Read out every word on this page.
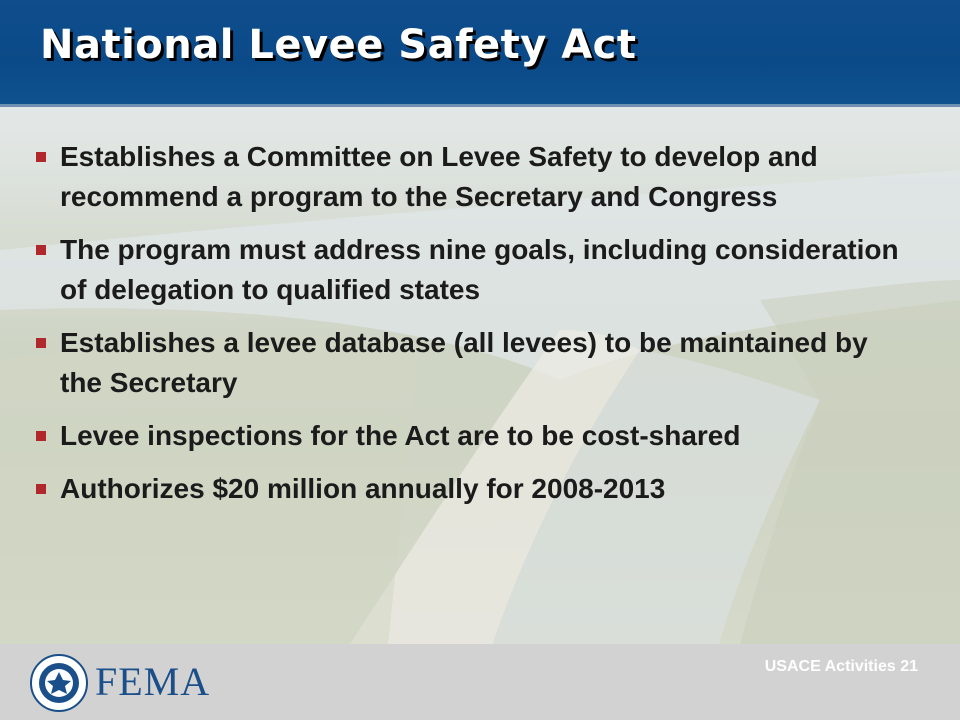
National Levee Safety Act
Establishes a Committee on Levee Safety to develop and recommend a program to the Secretary and Congress
The program must address nine goals, including consideration of delegation to qualified states
Establishes a levee database (all levees) to be maintained by the Secretary
Levee inspections for the Act are to be cost-shared
Authorizes $20 million annually for 2008-2013
FEMA	USACE Activities 21
